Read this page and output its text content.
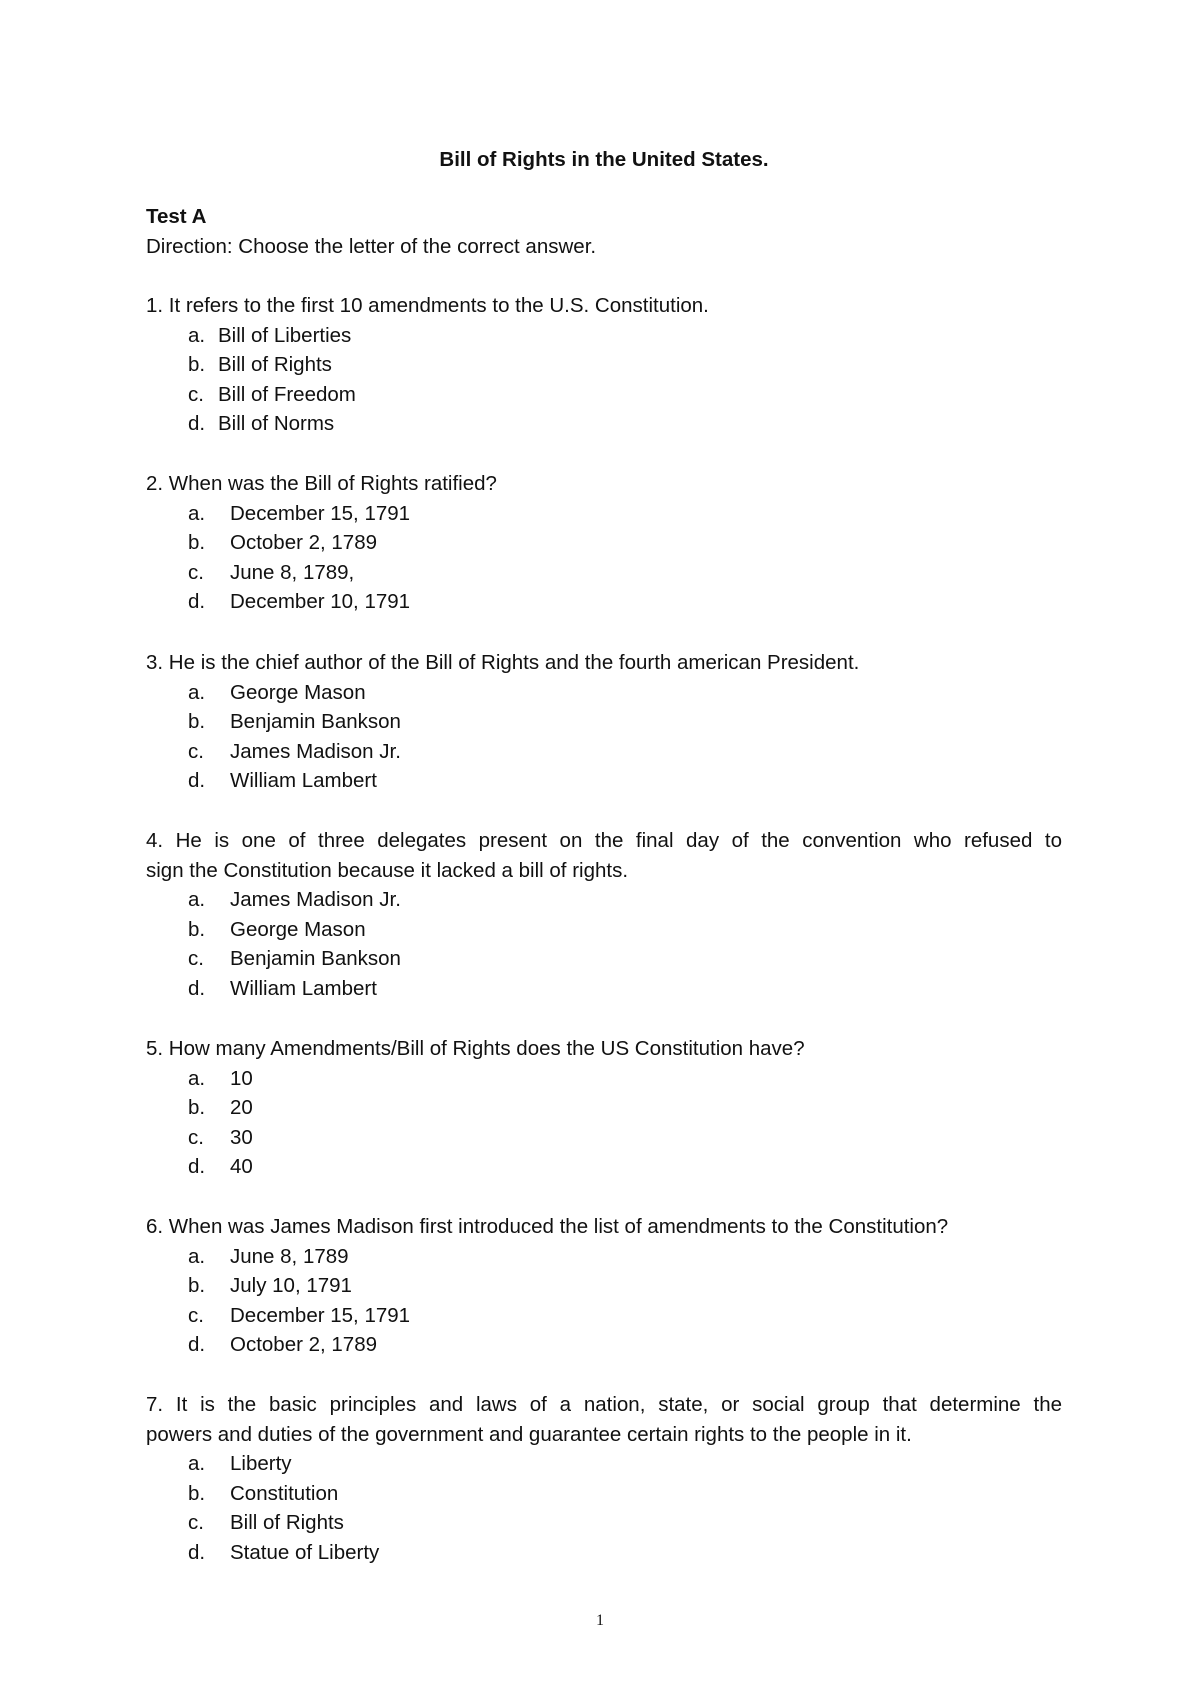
Bill of Rights in the United States.
Test A
Direction: Choose the letter of the correct answer.
1. It refers to the first 10 amendments to the U.S. Constitution.
a. Bill of Liberties
b. Bill of Rights
c. Bill of Freedom
d. Bill of Norms
2. When was the Bill of Rights ratified?
a.	December 15, 1791
b.	October 2, 1789
c.	June 8, 1789,
d.	December 10, 1791
3. He is the chief author of the Bill of Rights and the fourth american President.
a.	George Mason
b.	Benjamin Bankson
c.	James Madison Jr.
d.	William Lambert
4. He is one of three delegates present on the final day of the convention who refused to
sign the Constitution because it lacked a bill of rights.
a.	James Madison Jr.
b.	George Mason
c.	Benjamin Bankson
d.	William Lambert
5. How many Amendments/Bill of Rights does the US Constitution have?
a.	10
b.	20
c.	30
d.	40
6. When was James Madison first introduced the list of amendments to the Constitution?
a.	June 8, 1789
b.	July 10, 1791
c.	December 15, 1791
d.	October 2, 1789
7. It is the basic principles and laws of a nation, state, or social group that determine the
powers and duties of the government and guarantee certain rights to the people in it.
a.	Liberty
b.	Constitution
c.	Bill of Rights
d.	Statue of Liberty
1
